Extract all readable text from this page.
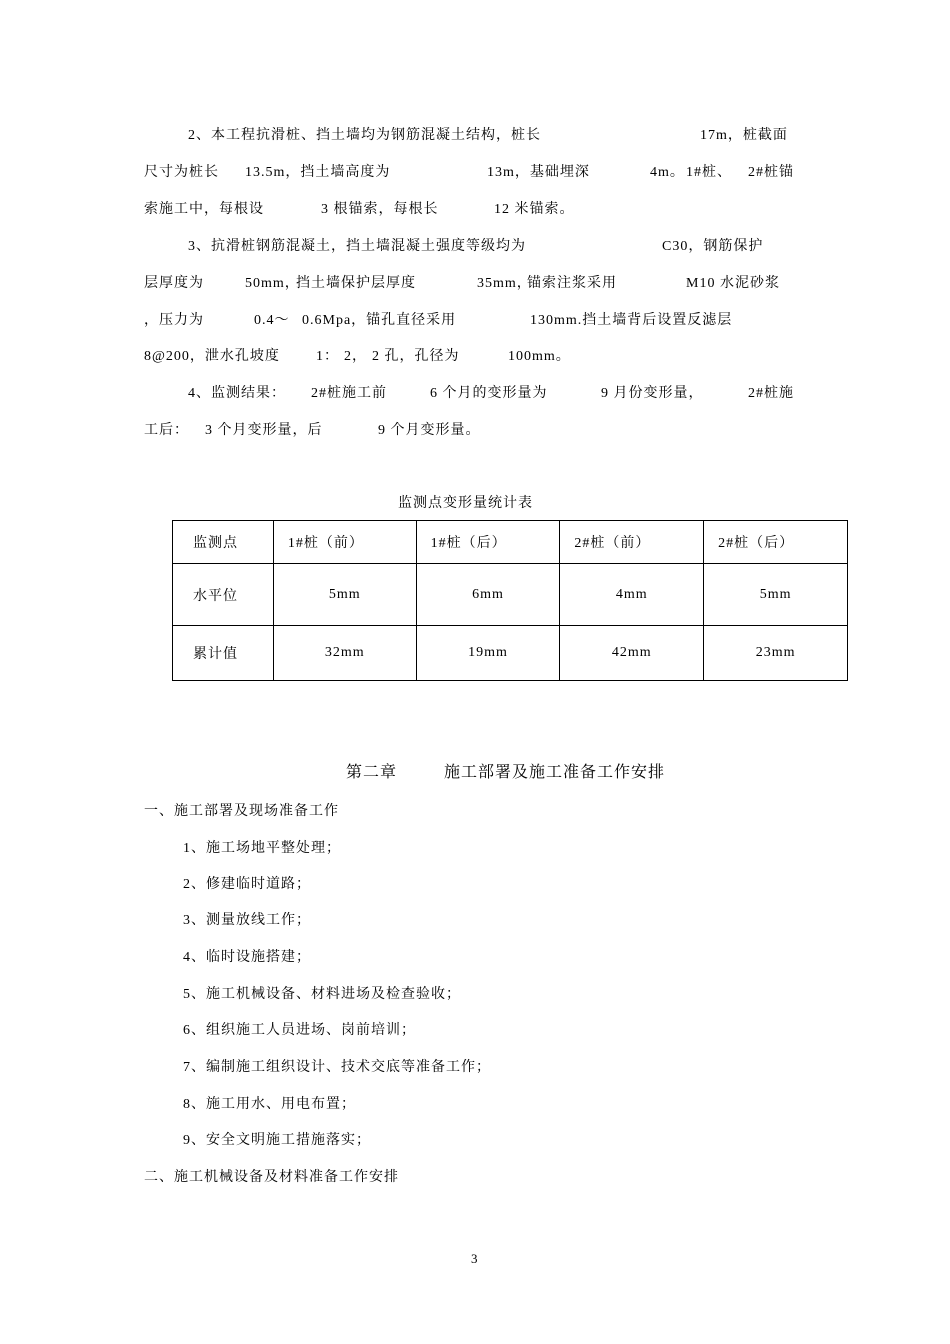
2、本工程抗滑桩、挡土墙均为钢筋混凝土结构，桩长	17m，桩截面
尺寸为桩长 13.5m，挡土墙高度为	13m，基础埋深	4m。 1#桩、 2#桩锚
索施工中，每根设	3 根锚索，每根长	12 米锚索。
3、抗滑桩钢筋混凝土，挡土墙混凝土强度等级均为	C30，钢筋保护
层厚度为	50mm，
挡土墙保护层厚度	35mm，
锚索注浆采用	M10 水泥砂浆
，压力为	0.4～ 0.6Mpa，锚孔直径采用	130mm.挡土墙背后设置反滤层
8@200，泄水孔坡度	1： 2， 2 孔，孔径为	100mm。
4、监测结果： 2#桩施工前	6 个月的变形量为	9 月份变形量，	2#桩施
工后： 3 个月变形量，后	9 个月变形量。
监测点变形量统计表
监测点	1#桩（前）	1#桩（后）	2#桩（前）	2#桩（后）
水平位	5mm	6mm	4mm	5mm
累计值	32mm	19mm	42mm	23mm
第二章	施工部署及施工准备工作安排
一、施工部署及现场准备工作
1、施工场地平整处理；
2、修建临时道路；
3、测量放线工作；
4、临时设施搭建；
5、施工机械设备、材料进场及检查验收；
6、组织施工人员进场、岗前培训；
7、编制施工组织设计、技术交底等准备工作；
8、施工用水、用电布置；
9、安全文明施工措施落实；
二、施工机械设备及材料准备工作安排
3
